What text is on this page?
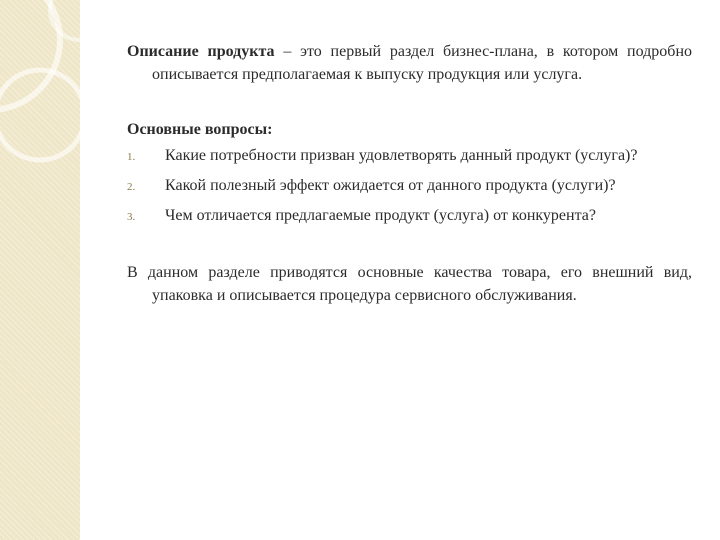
Описание продукта – это первый раздел бизнес-плана, в котором подробно описывается предполагаемая к выпуску продукция или услуга.

Основные вопросы:

1. Какие потребности призван удовлетворять данный продукт (услуга)?
2. Какой полезный эффект ожидается от данного продукта (услуги)?
3. Чем отличается предлагаемые продукт (услуга) от конкурента?

В данном разделе приводятся основные качества товара, его внешний вид, упаковка и описывается процедура сервисного обслуживания.
